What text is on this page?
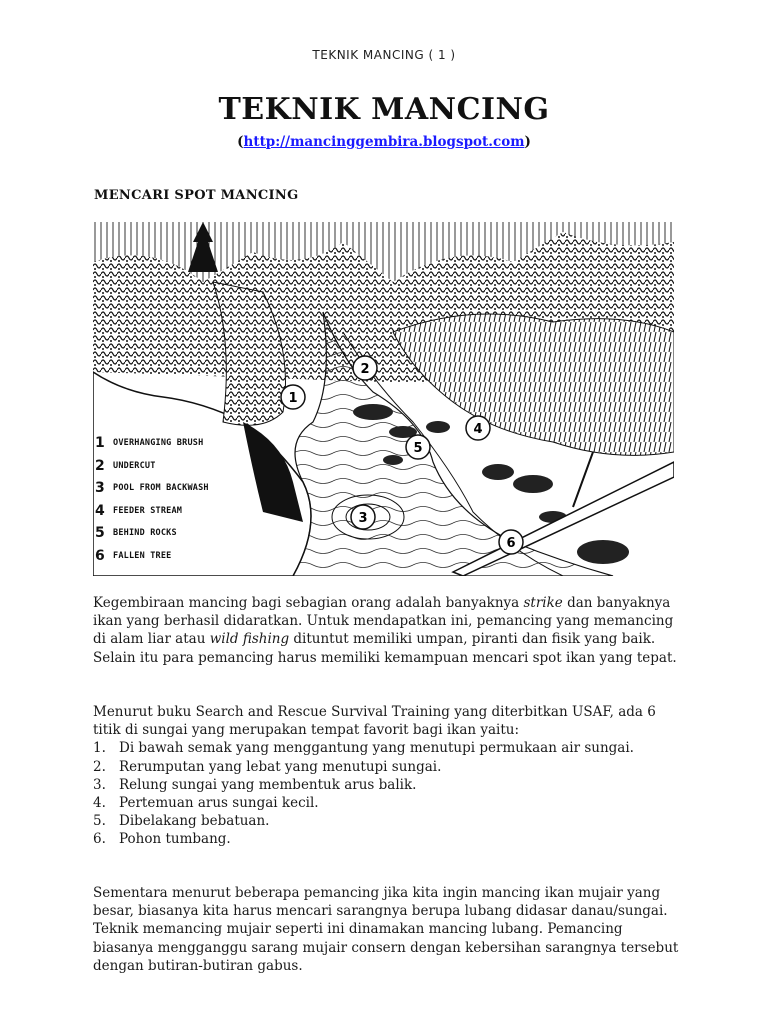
TEKNIK MANCING ( 1 )
TEKNIK MANCING
(http://mancinggembira.blogspot.com)
MENCARI SPOT MANCING
1
2
3
4
5
6
1 OVERHANGING BRUSH
2 UNDERCUT
3 POOL FROM BACKWASH
4 FEEDER STREAM
5 BEHIND ROCKS
6 FALLEN TREE

Kegembiraan mancing bagi sebagian orang adalah banyaknya strike dan banyaknya ikan yang berhasil didaratkan. Untuk mendapatkan ini, pemancing yang memancing di alam liar atau wild fishing dituntut memiliki umpan, piranti dan fisik yang baik. Selain itu para pemancing harus memiliki kemampuan mencari spot ikan yang tepat.

Menurut buku Search and Rescue Survival Training yang diterbitkan USAF, ada 6 titik di sungai yang merupakan tempat favorit bagi ikan yaitu:

1. Di bawah semak yang menggantung yang menutupi permukaan air sungai.
2. Rerumputan yang lebat yang menutupi sungai.
3. Relung sungai yang membentuk arus balik.
4. Pertemuan arus sungai kecil.
5. Dibelakang bebatuan.
6. Pohon tumbang.

Sementara menurut beberapa pemancing jika kita ingin mancing ikan mujair yang besar, biasanya kita harus mencari sarangnya berupa lubang didasar danau/sungai. Teknik memancing mujair seperti ini dinamakan mancing lubang. Pemancing biasanya mengganggu sarang mujair consern dengan kebersihan sarangnya tersebut dengan butiran-butiran gabus.
